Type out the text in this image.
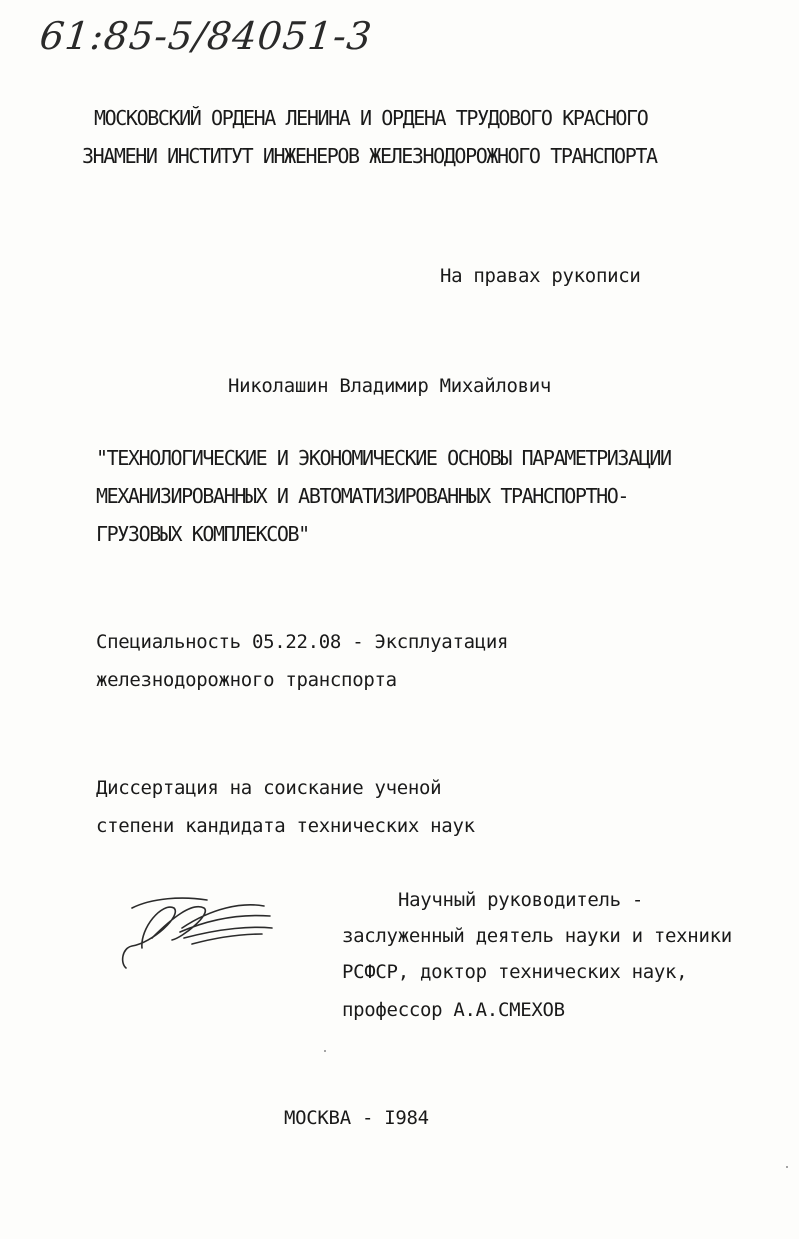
61:85-5/84051-3
МОСКОВСКИЙ ОРДЕНА ЛЕНИНА И ОРДЕНА ТРУДОВОГО КРАСНОГО
ЗНАМЕНИ ИНСТИТУТ ИНЖЕНЕРОВ ЖЕЛЕЗНОДОРОЖНОГО ТРАНСПОРТА
На правах рукописи
Николашин Владимир Михайлович
"ТЕХНОЛОГИЧЕСКИЕ И ЭКОНОМИЧЕСКИЕ ОСНОВЫ ПАРАМЕТРИЗАЦИИ
МЕХАНИЗИРОВАННЫХ И АВТОМАТИЗИРОВАННЫХ ТРАНСПОРТНО-
ГРУЗОВЫХ КОМПЛЕКСОВ"
Специальность 05.22.08 - Эксплуатация
железнодорожного транспорта
Диссертация на соискание ученой
степени кандидата технических наук
Научный руководитель -
заслуженный деятель науки и техники
РСФСР, доктор технических наук,
профессор А.А.СМЕХОВ
МОСКВА - I984
